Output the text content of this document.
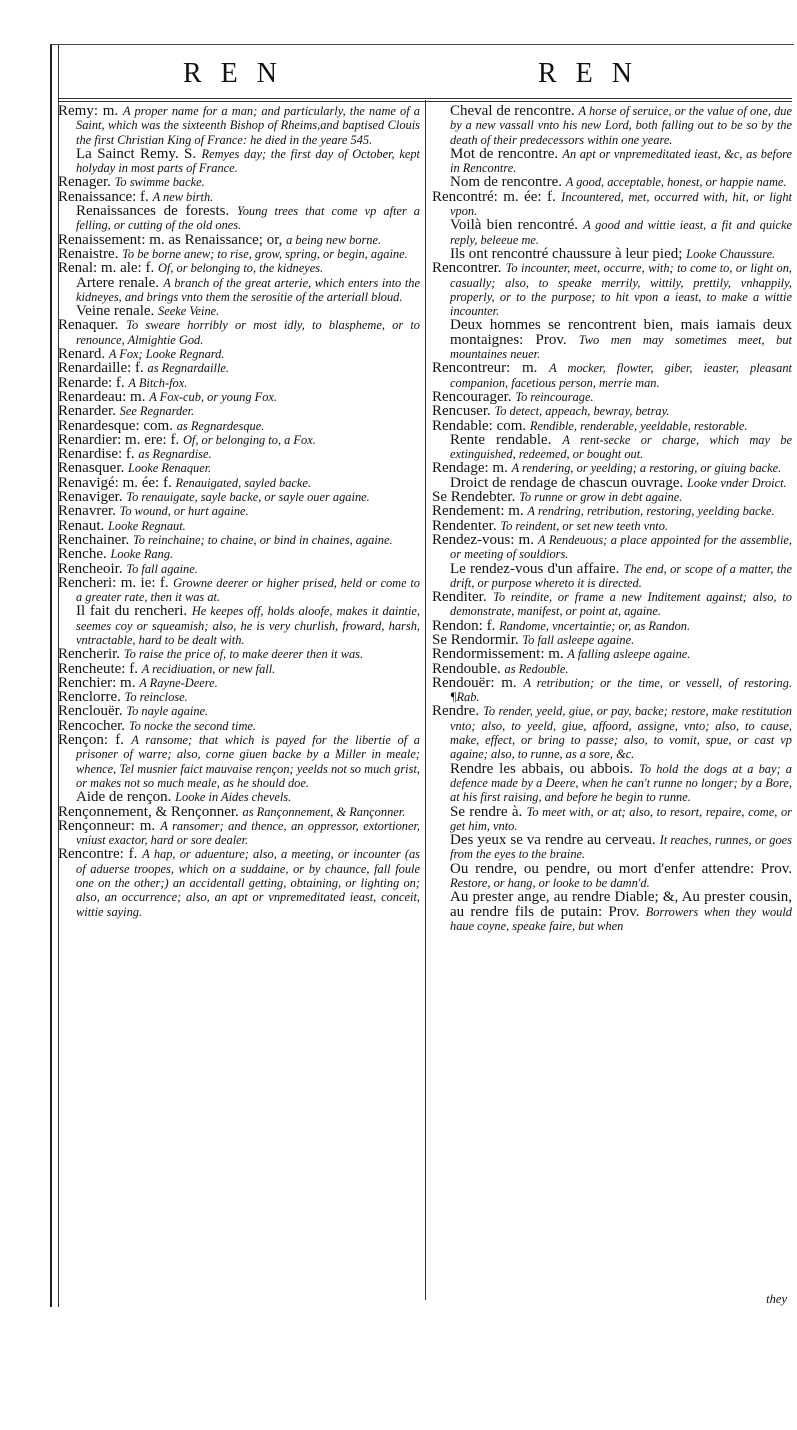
R E N	R E N

Remy: m. A proper name for a man; and particularly, the name of a Saint, which was the sixteenth Bishop of Rheims,and baptised Clouis the first Christian King of France: he died in the yeare 545.

La Sainct Remy. S. Remyes day; the first day of October, kept holyday in most parts of France.

Renager. To swimme backe.

Renaissance: f. A new birth.

Renaissances de forests. Young trees that come vp after a felling, or cutting of the old ones.

Renaissement: m. as Renaissance; or, a being new borne.

Renaistre. To be borne anew; to rise, grow, spring, or begin, againe.

Renal: m. ale: f. Of, or belonging to, the kidneyes.

Artere renale. A branch of the great arterie, which enters into the kidneyes, and brings vnto them the serositie of the arteriall bloud.

Veine renale. Seeke Veine.

Renaquer. To sweare horribly or most idly, to blaspheme, or to renounce, Almightie God.

Renard. A Fox; Looke Regnard.

Renardaille: f. as Regnardaille.

Renarde: f. A Bitch-fox.

Renardeau: m. A Fox-cub, or young Fox.

Renarder. See Regnarder.

Renardesque: com. as Regnardesque.

Renardier: m. ere: f. Of, or belonging to, a Fox.

Renardise: f. as Regnardise.

Renasquer. Looke Renaquer.

Renavigé: m. ée: f. Renauigated, sayled backe.

Renaviger. To renauigate, sayle backe, or sayle ouer againe.

Renavrer. To wound, or hurt againe.

Renaut. Looke Regnaut.

Renchainer. To reinchaine; to chaine, or bind in chaines, againe.

Renche. Looke Rang.

Rencheoir. To fall againe.

Rencheri: m. ie: f. Growne deerer or higher prised, held or come to a greater rate, then it was at.

Il fait du rencheri. He keepes off, holds aloofe, makes it daintie, seemes coy or squeamish; also, he is very churlish, froward, harsh, vntractable, hard to be dealt with.

Rencherir. To raise the price of, to make deerer then it was.

Rencheute: f. A recidiuation, or new fall.

Renchier: m. A Rayne-Deere.

Renclorre. To reinclose.

Renclouër. To nayle againe.

Rencocher. To nocke the second time.

Rençon: f. A ransome; that which is payed for the libertie of a prisoner of warre; also, corne giuen backe by a Miller in meale; whence, Tel musnier faict mauvaise rençon; yeelds not so much grist, or makes not so much meale, as he should doe.

Aide de rençon. Looke in Aides chevels.

Rençonnement, & Rençonner. as Rançonnement, & Rançonner.

Rençonneur: m. A ransomer; and thence, an oppressor, extortioner, vniust exactor, hard or sore dealer.

Rencontre: f. A hap, or aduenture; also, a meeting, or incounter (as of aduerse troopes, which on a suddaine, or by chaunce, fall foule one on the other;) an accidentall getting, obtaining, or lighting on; also, an occurrence; also, an apt or vnpremeditated ieast, conceit, wittie saying.

Cheval de rencontre. A horse of seruice, or the value of one, due by a new vassall vnto his new Lord, both falling out to be so by the death of their predecessors within one yeare.

Mot de rencontre. An apt or vnpremeditated ieast, &c, as before in Rencontre.

Nom de rencontre. A good, acceptable, honest, or happie name.

Rencontré: m. ée: f. Incountered, met, occurred with, hit, or light vpon.

Voilà bien rencontré. A good and wittie ieast, a fit and quicke reply, beleeue me.

Ils ont rencontré chaussure à leur pied; Looke Chaussure.

Rencontrer. To incounter, meet, occurre, with; to come to, or light on, casually; also, to speake merrily, wittily, prettily, vnhappily, properly, or to the purpose; to hit vpon a ieast, to make a wittie incounter.

Deux hommes se rencontrent bien, mais iamais deux montaignes: Prov. Two men may sometimes meet, but mountaines neuer.

Rencontreur: m. A mocker, flowter, giber, ieaster, pleasant companion, facetious person, merrie man.

Rencourager. To reincourage.

Rencuser. To detect, appeach, bewray, betray.

Rendable: com. Rendible, renderable, yeeldable, restorable.

Rente rendable. A rent-secke or charge, which may be extinguished, redeemed, or bought out.

Rendage: m. A rendering, or yeelding; a restoring, or giuing backe.

Droict de rendage de chascun ouvrage. Looke vnder Droict.

Se Rendebter. To runne or grow in debt againe.

Rendement: m. A rendring, retribution, restoring, yeelding backe.

Rendenter. To reindent, or set new teeth vnto.

Rendez-vous: m. A Rendeuous; a place appointed for the assemblie, or meeting of souldiors.

Le rendez-vous d'un affaire. The end, or scope of a matter, the drift, or purpose whereto it is directed.

Renditer. To reindite, or frame a new Inditement against; also, to demonstrate, manifest, or point at, againe.

Rendon: f. Randome, vncertaintie; or, as Randon.

Se Rendormir. To fall asleepe againe.

Rendormissement: m. A falling asleepe againe.

Rendouble. as Redouble.

Rendouër: m. A retribution; or the time, or vessell, of restoring. ¶Rab.

Rendre. To render, yeeld, giue, or pay, backe; restore, make restitution vnto; also, to yeeld, giue, affoord, assigne, vnto; also, to cause, make, effect, or bring to passe; also, to vomit, spue, or cast vp againe; also, to runne, as a sore, &c.

Rendre les abbais, ou abbois. To hold the dogs at a bay; a defence made by a Deere, when he can't runne no longer; by a Bore, at his first raising, and before he begin to runne.

Se rendre à. To meet with, or at; also, to resort, repaire, come, or get him, vnto.

Des yeux se va rendre au cerveau. It reaches, runnes, or goes from the eyes to the braine.

Ou rendre, ou pendre, ou mort d'enfer attendre: Prov. Restore, or hang, or looke to be damn'd.

Au prester ange, au rendre Diable; &, Au prester cousin, au rendre fils de putain: Prov. Borrowers when they would haue coyne, speake faire, but when

they
